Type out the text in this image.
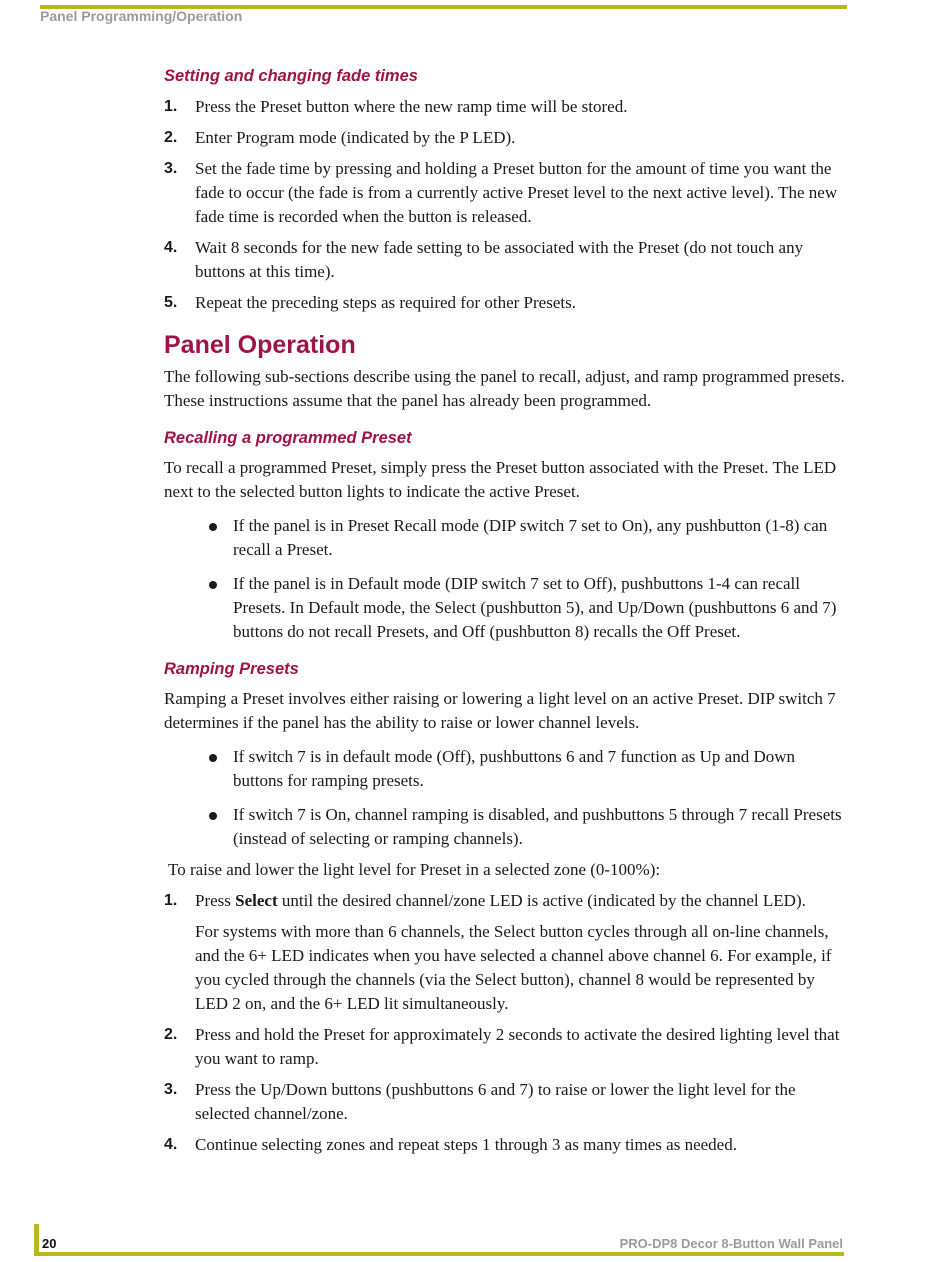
Panel Programming/Operation
Setting and changing fade times
1. Press the Preset button where the new ramp time will be stored.
2. Enter Program mode (indicated by the P LED).
3. Set the fade time by pressing and holding a Preset button for the amount of time you want the fade to occur (the fade is from a currently active Preset level to the next active level). The new fade time is recorded when the button is released.
4. Wait 8 seconds for the new fade setting to be associated with the Preset (do not touch any buttons at this time).
5. Repeat the preceding steps as required for other Presets.
Panel Operation

The following sub-sections describe using the panel to recall, adjust, and ramp programmed presets. These instructions assume that the panel has already been programmed.

Recalling a programmed Preset

To recall a programmed Preset, simply press the Preset button associated with the Preset. The LED next to the selected button lights to indicate the active Preset.

If the panel is in Preset Recall mode (DIP switch 7 set to On), any pushbutton (1-8) can recall a Preset.
If the panel is in Default mode (DIP switch 7 set to Off), pushbuttons 1-4 can recall Presets. In Default mode, the Select (pushbutton 5), and Up/Down (pushbuttons 6 and 7) buttons do not recall Presets, and Off (pushbutton 8) recalls the Off Preset.
Ramping Presets

Ramping a Preset involves either raising or lowering a light level on an active Preset. DIP switch 7 determines if the panel has the ability to raise or lower channel levels.

If switch 7 is in default mode (Off), pushbuttons 6 and 7 function as Up and Down buttons for ramping presets.
If switch 7 is On, channel ramping is disabled, and pushbuttons 5 through 7 recall Presets (instead of selecting or ramping channels).

To raise and lower the light level for Preset in a selected zone (0-100%):

1. Press Select until the desired channel/zone LED is active (indicated by the channel LED).

For systems with more than 6 channels, the Select button cycles through all on-line channels, and the 6+ LED indicates when you have selected a channel above channel 6. For example, if you cycled through the channels (via the Select button), channel 8 would be represented by LED 2 on, and the 6+ LED lit simultaneously.

2. Press and hold the Preset for approximately 2 seconds to activate the desired lighting level that you want to ramp.
3. Press the Up/Down buttons (pushbuttons 6 and 7) to raise or lower the light level for the selected channel/zone.
4. Continue selecting zones and repeat steps 1 through 3 as many times as needed.
20	PRO-DP8 Decor 8-Button Wall Panel
